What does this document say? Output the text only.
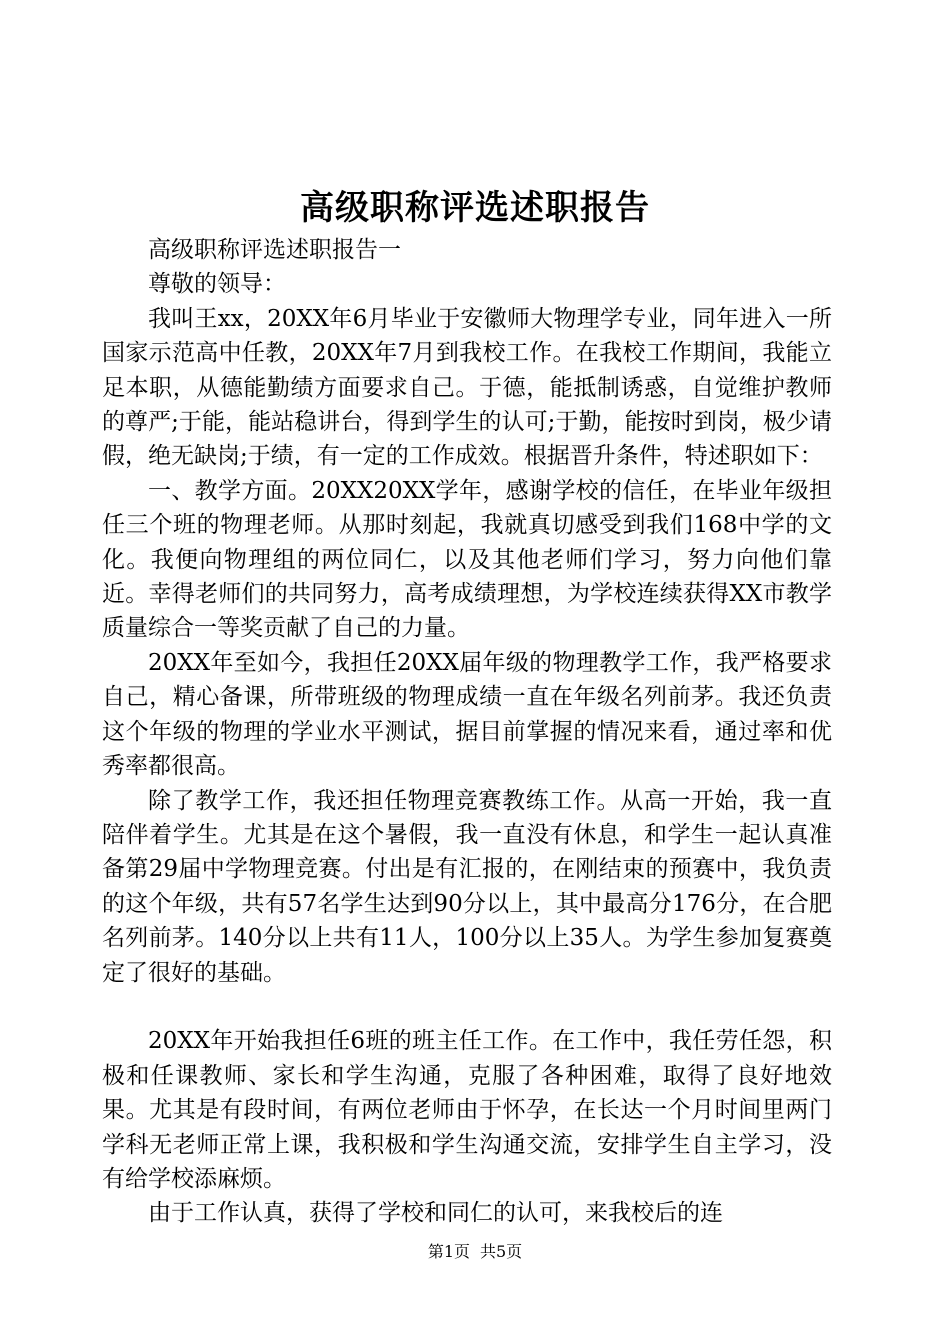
高级职称评选述职报告

高级职称评选述职报告一

尊敬的领导：

我叫王xx，20XX年6月毕业于安徽师大物理学专业，同年进入一所国家示范高中任教，20XX年7月到我校工作。在我校工作期间，我能立足本职，从德能勤绩方面要求自己。于德，能抵制诱惑，自觉维护教师的尊严;于能，能站稳讲台，得到学生的认可;于勤，能按时到岗，极少请假，绝无缺岗;于绩，有一定的工作成效。根据晋升条件，特述职如下：

一、教学方面。20XX20XX学年，感谢学校的信任，在毕业年级担任三个班的物理老师。从那时刻起，我就真切感受到我们168中学的文化。我便向物理组的两位同仁，以及其他老师们学习，努力向他们靠近。幸得老师们的共同努力，高考成绩理想，为学校连续获得XX市教学质量综合一等奖贡献了自己的力量。

20XX年至如今，我担任20XX届年级的物理教学工作，我严格要求自己，精心备课，所带班级的物理成绩一直在年级名列前茅。我还负责这个年级的物理的学业水平测试，据目前掌握的情况来看，通过率和优秀率都很高。

除了教学工作，我还担任物理竞赛教练工作。从高一开始，我一直陪伴着学生。尤其是在这个暑假，我一直没有休息，和学生一起认真准备第29届中学物理竞赛。付出是有汇报的，在刚结束的预赛中，我负责的这个年级，共有57名学生达到90分以上，其中最高分176分，在合肥名列前茅。140分以上共有11人，100分以上35人。为学生参加复赛奠定了很好的基础。

20XX年开始我担任6班的班主任工作。在工作中，我任劳任怨，积极和任课教师、家长和学生沟通，克服了各种困难，取得了良好地效果。尤其是有段时间，有两位老师由于怀孕，在长达一个月时间里两门学科无老师正常上课，我积极和学生沟通交流，安排学生自主学习，没有给学校添麻烦。

由于工作认真，获得了学校和同仁的认可，来我校后的连

第1页 共5页
